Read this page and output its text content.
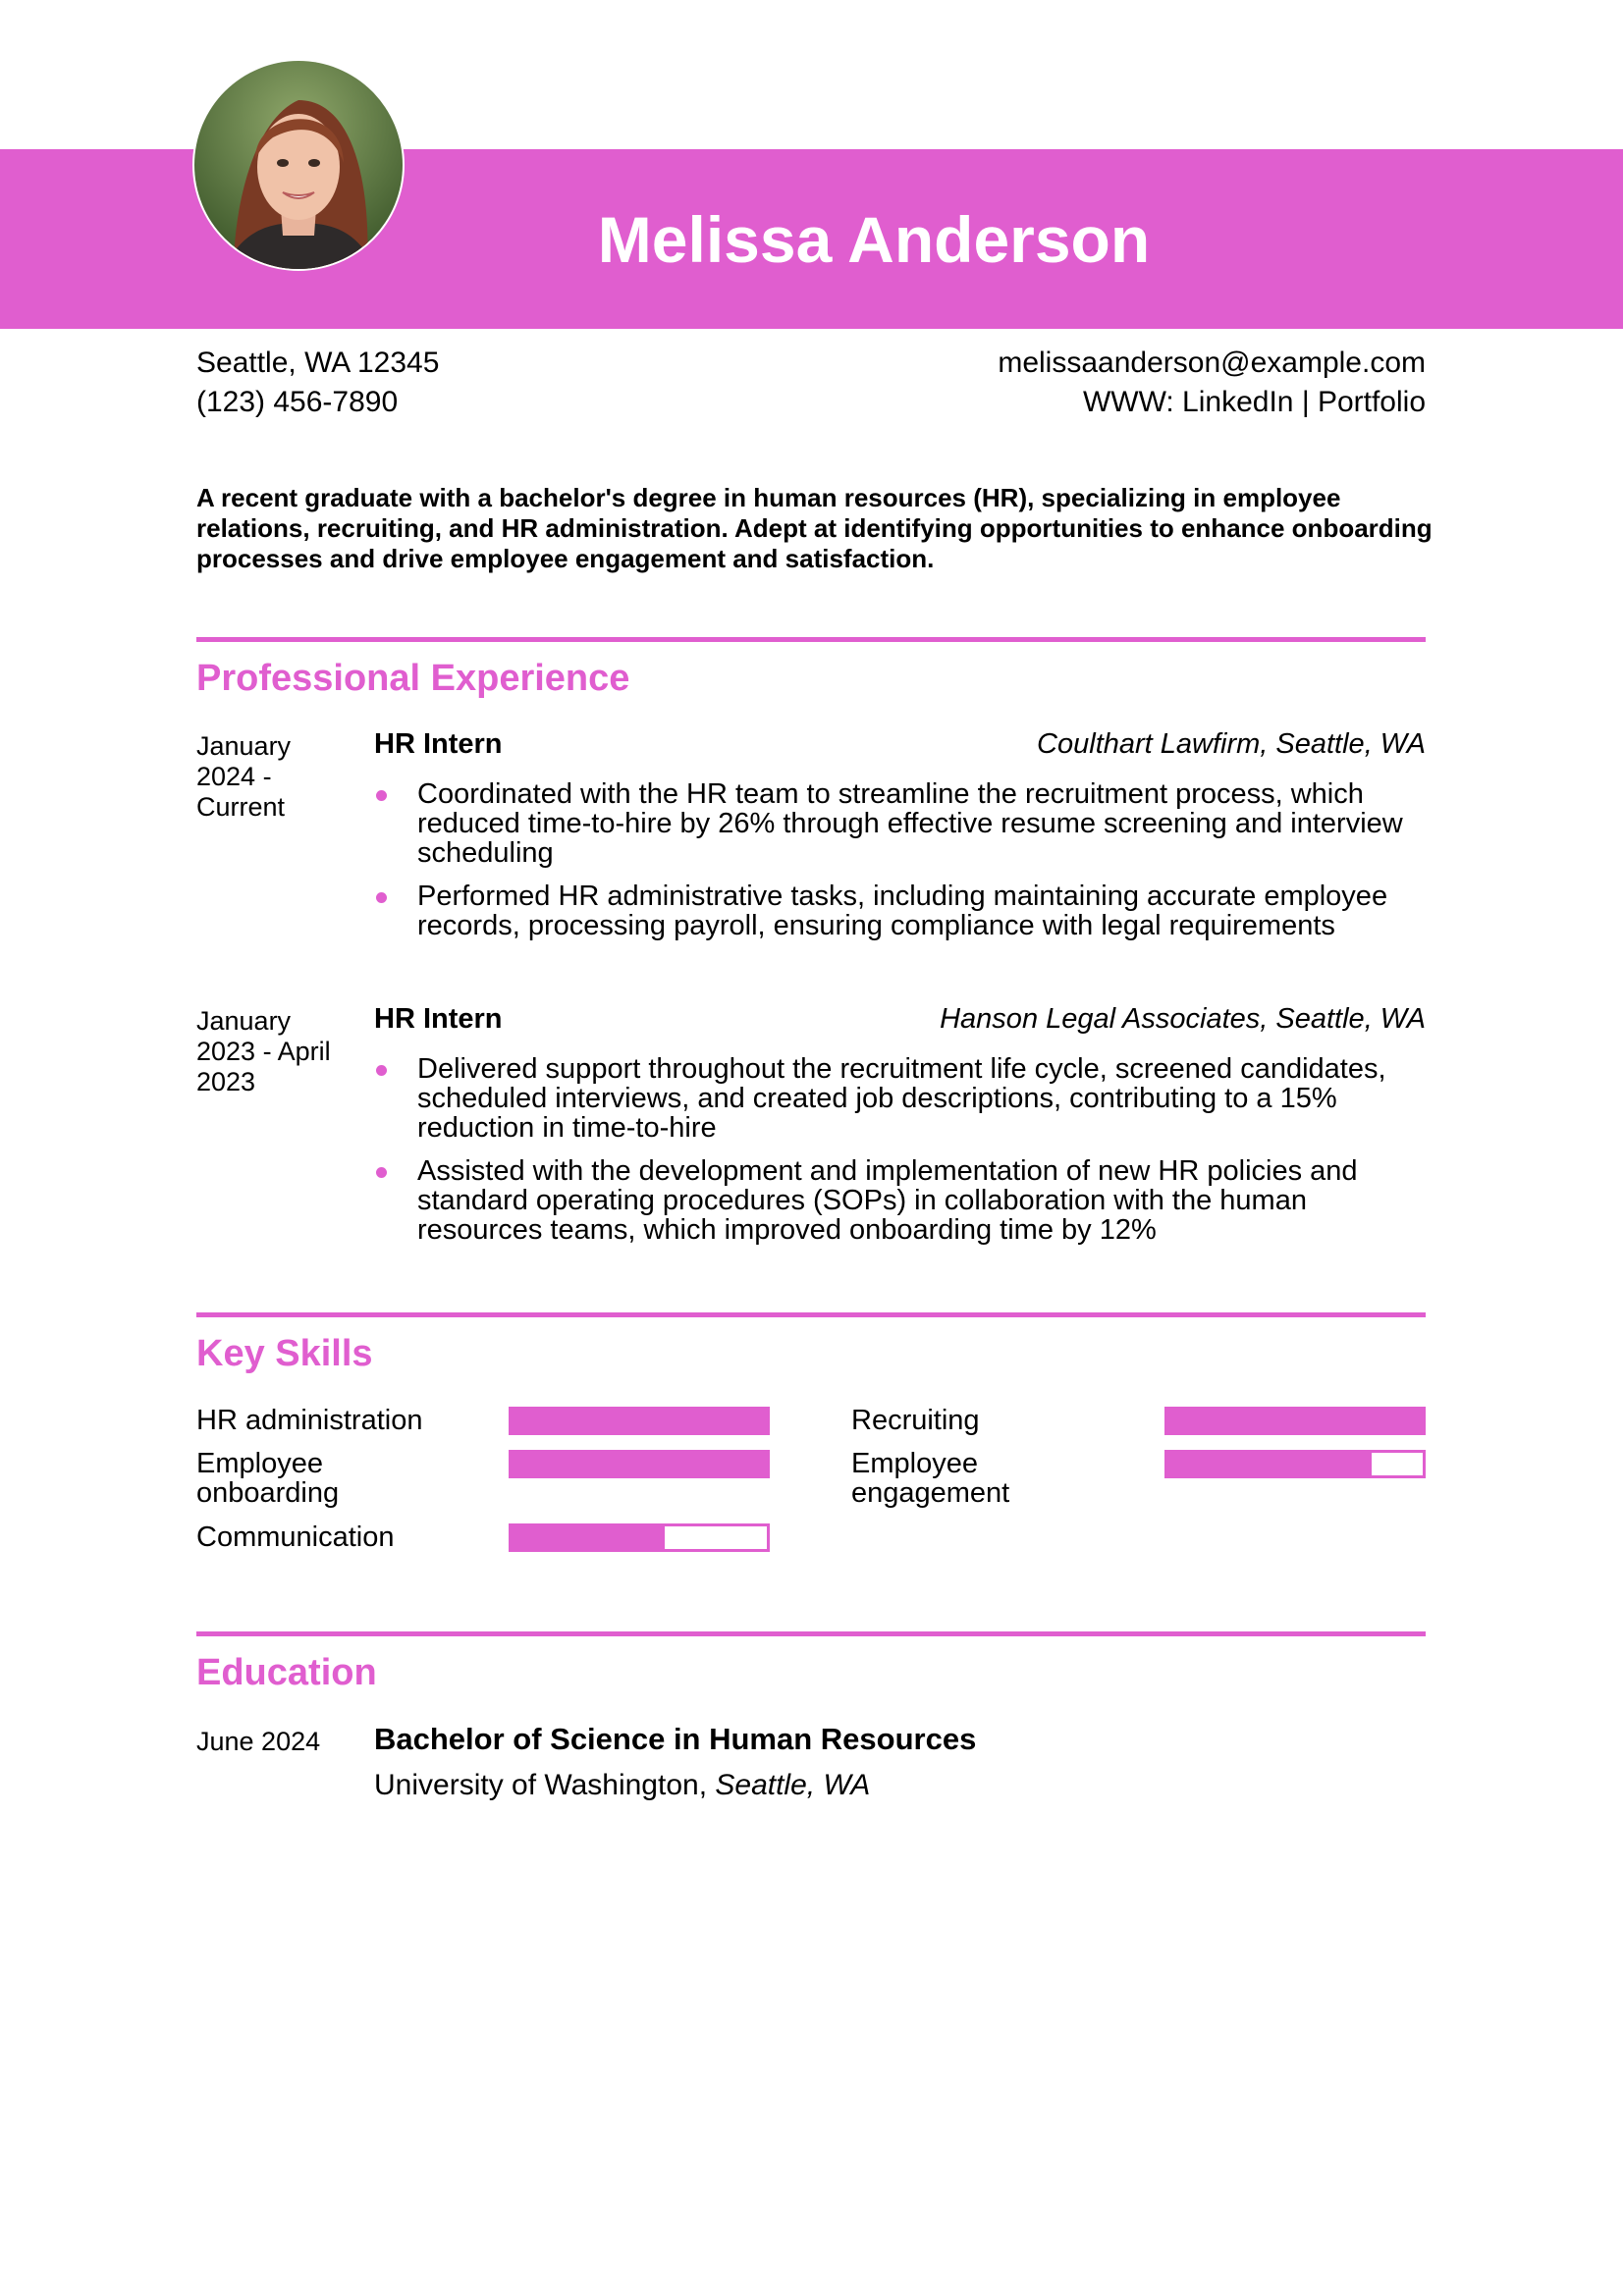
Melissa Anderson
Seattle, WA 12345
(123) 456-7890
melissaanderson@example.com
WWW: LinkedIn | Portfolio
A recent graduate with a bachelor's degree in human resources (HR), specializing in employee relations, recruiting, and HR administration. Adept at identifying opportunities to enhance onboarding processes and drive employee engagement and satisfaction.
Professional Experience
January 2024 - Current
HR Intern	Coulthart Lawfirm, Seattle, WA
Coordinated with the HR team to streamline the recruitment process, which reduced time-to-hire by 26% through effective resume screening and interview scheduling
Performed HR administrative tasks, including maintaining accurate employee records, processing payroll, ensuring compliance with legal requirements
January 2023 - April 2023
HR Intern	Hanson Legal Associates, Seattle, WA
Delivered support throughout the recruitment life cycle, screened candidates, scheduled interviews, and created job descriptions, contributing to a 15% reduction in time-to-hire
Assisted with the development and implementation of new HR policies and standard operating procedures (SOPs) in collaboration with the human resources teams, which improved onboarding time by 12%
Key Skills
HR administration	Recruiting
Employee onboarding
Employee engagement
Communication
Education
June 2024 Bachelor of Science in Human Resources
University of Washington, Seattle, WA
